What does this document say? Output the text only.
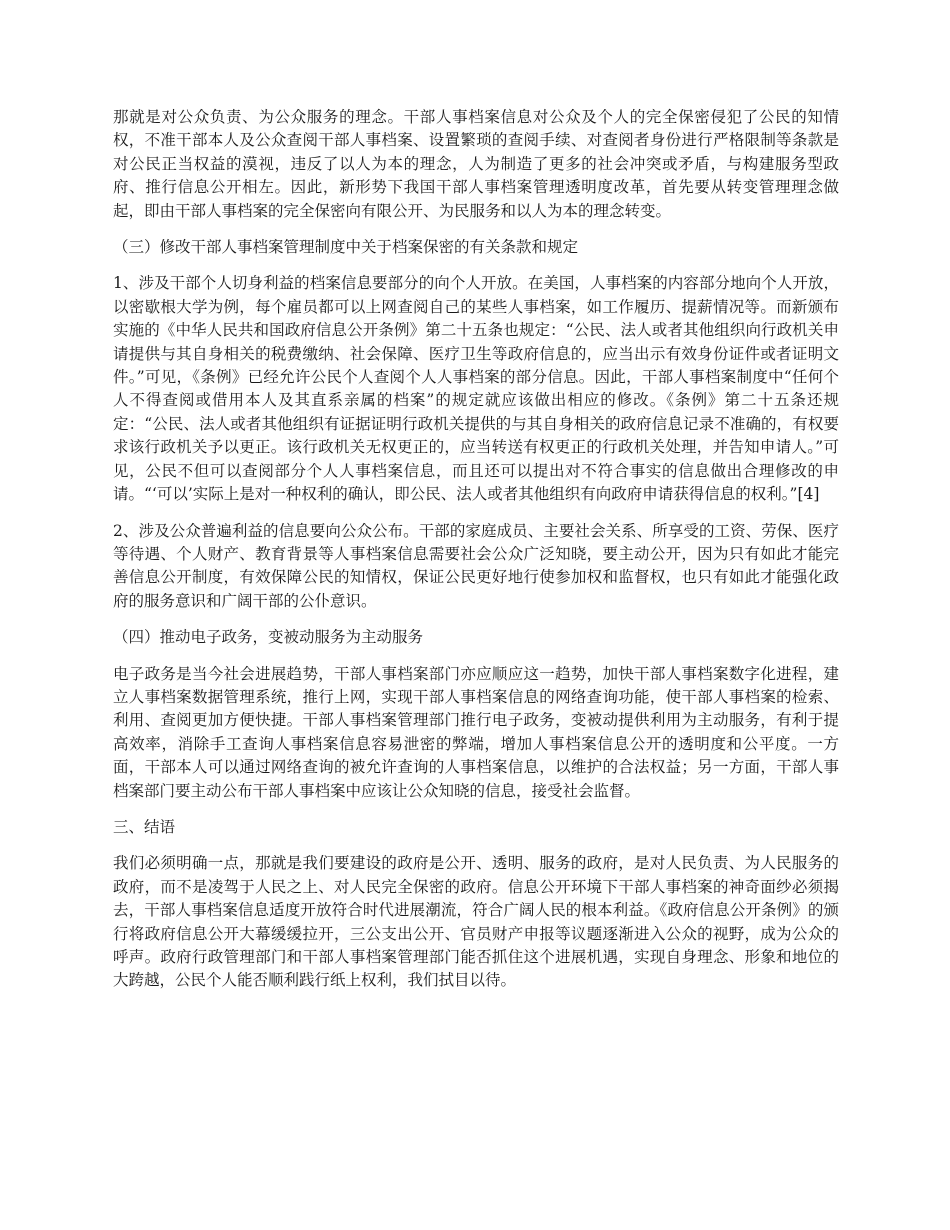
那就是对公众负责、为公众服务的理念。干部人事档案信息对公众及个人的完全保密侵犯了公民的知情权，不准干部本人及公众查阅干部人事档案、设置繁琐的查阅手续、对查阅者身份进行严格限制等条款是对公民正当权益的漠视，违反了以人为本的理念，人为制造了更多的社会冲突或矛盾，与构建服务型政府、推行信息公开相左。因此，新形势下我国干部人事档案管理透明度改革，首先要从转变管理理念做起，即由干部人事档案的完全保密向有限公开、为民服务和以人为本的理念转变。

（三）修改干部人事档案管理制度中关于档案保密的有关条款和规定

1、涉及干部个人切身利益的档案信息要部分的向个人开放。在美国，人事档案的内容部分地向个人开放，以密歇根大学为例，每个雇员都可以上网查阅自己的某些人事档案，如工作履历、提薪情况等。而新颁布实施的《中华人民共和国政府信息公开条例》第二十五条也规定：“公民、法人或者其他组织向行政机关申请提供与其自身相关的税费缴纳、社会保障、医疗卫生等政府信息的，应当出示有效身份证件或者证明文件。”可见，《条例》已经允许公民个人查阅个人人事档案的部分信息。因此，干部人事档案制度中“任何个人不得查阅或借用本人及其直系亲属的档案”的规定就应该做出相应的修改。《条例》第二十五条还规定：“公民、法人或者其他组织有证据证明行政机关提供的与其自身相关的政府信息记录不准确的，有权要求该行政机关予以更正。该行政机关无权更正的，应当转送有权更正的行政机关处理，并告知申请人。”可见，公民不但可以查阅部分个人人事档案信息，而且还可以提出对不符合事实的信息做出合理修改的申请。“‘可以’实际上是对一种权利的确认，即公民、法人或者其他组织有向政府申请获得信息的权利。”[4]

2、涉及公众普遍利益的信息要向公众公布。干部的家庭成员、主要社会关系、所享受的工资、劳保、医疗等待遇、个人财产、教育背景等人事档案信息需要社会公众广泛知晓，要主动公开，因为只有如此才能完善信息公开制度，有效保障公民的知情权，保证公民更好地行使参加权和监督权，也只有如此才能强化政府的服务意识和广阔干部的公仆意识。

（四）推动电子政务，变被动服务为主动服务

电子政务是当今社会进展趋势，干部人事档案部门亦应顺应这一趋势，加快干部人事档案数字化进程，建立人事档案数据管理系统，推行上网，实现干部人事档案信息的网络查询功能，使干部人事档案的检索、利用、查阅更加方便快捷。干部人事档案管理部门推行电子政务，变被动提供利用为主动服务，有利于提高效率，消除手工查询人事档案信息容易泄密的弊端，增加人事档案信息公开的透明度和公平度。一方面，干部本人可以通过网络查询的被允许查询的人事档案信息，以维护的合法权益；另一方面，干部人事档案部门要主动公布干部人事档案中应该让公众知晓的信息，接受社会监督。

三、结语

我们必须明确一点，那就是我们要建设的政府是公开、透明、服务的政府，是对人民负责、为人民服务的政府，而不是凌驾于人民之上、对人民完全保密的政府。信息公开环境下干部人事档案的神奇面纱必须揭去，干部人事档案信息适度开放符合时代进展潮流，符合广阔人民的根本利益。《政府信息公开条例》的颁行将政府信息公开大幕缓缓拉开，三公支出公开、官员财产申报等议题逐渐进入公众的视野，成为公众的呼声。政府行政管理部门和干部人事档案管理部门能否抓住这个进展机遇，实现自身理念、形象和地位的大跨越，公民个人能否顺利践行纸上权利，我们拭目以待。
